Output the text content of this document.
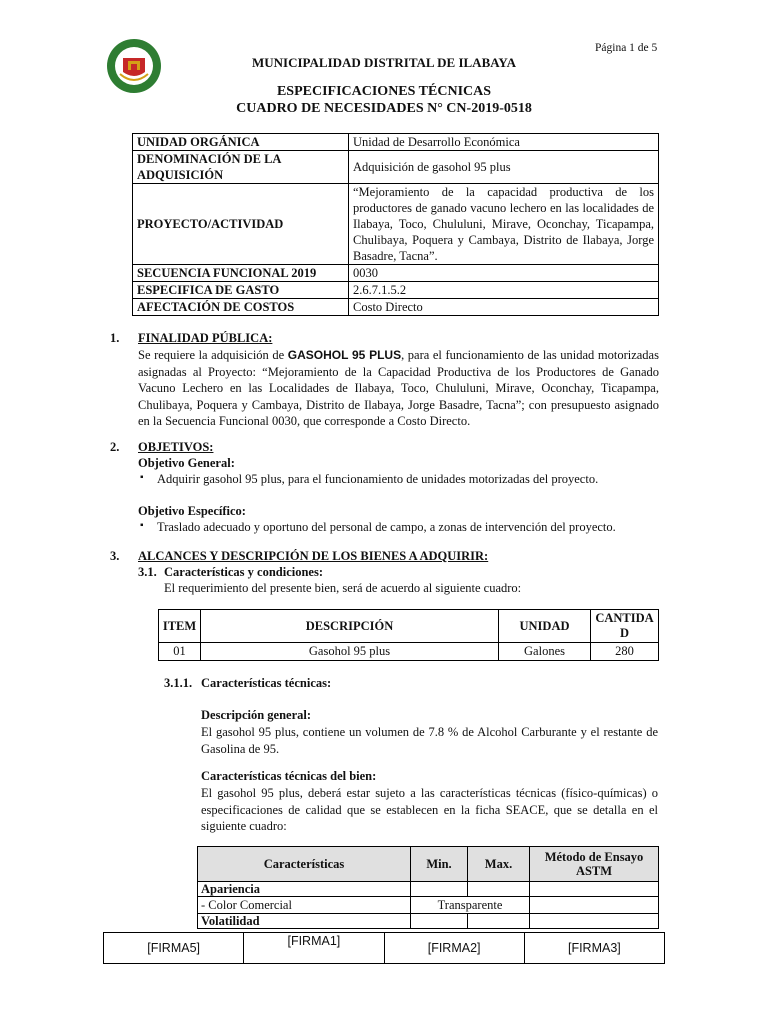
Página 1 de 5
MUNICIPALIDAD DISTRITAL DE ILABAYA
ESPECIFICACIONES TÉCNICAS
CUADRO DE NECESIDADES N° CN-2019-0518
UNIDAD ORGÁNICA	Unidad de Desarrollo Económica
DENOMINACIÓN DE LA ADQUISICIÓN	Adquisición de gasohol 95 plus
PROYECTO/ACTIVIDAD	“Mejoramiento de la capacidad productiva de los productores de ganado vacuno lechero en las localidades de Ilabaya, Toco, Chululuni, Mirave, Oconchay, Ticapampa, Chulibaya, Poquera y Cambaya, Distrito de Ilabaya, Jorge Basadre, Tacna”.
SECUENCIA FUNCIONAL 2019	0030
ESPECIFICA DE GASTO	2.6.7.1.5.2
AFECTACIÓN DE COSTOS	Costo Directo
1. FINALIDAD PÚBLICA:
Se requiere la adquisición de GASOHOL 95 PLUS, para el funcionamiento de las unidad motorizadas asignadas al Proyecto: “Mejoramiento de la Capacidad Productiva de los Productores de Ganado Vacuno Lechero en las Localidades de Ilabaya, Toco, Chululuni, Mirave, Oconchay, Ticapampa, Chulibaya, Poquera y Cambaya, Distrito de Ilabaya, Jorge Basadre, Tacna”; con presupuesto asignado en la Secuencia Funcional 0030, que corresponde a Costo Directo.
2. OBJETIVOS:
Objetivo General:
▪ Adquirir gasohol 95 plus, para el funcionamiento de unidades motorizadas del proyecto.
Objetivo Específico:
▪ Traslado adecuado y oportuno del personal de campo, a zonas de intervención del proyecto.
3. ALCANCES Y DESCRIPCIÓN DE LOS BIENES A ADQUIRIR:
3.1. Características y condiciones:
El requerimiento del presente bien, será de acuerdo al siguiente cuadro:
ITEM	DESCRIPCIÓN	UNIDAD	CANTIDAD
01	Gasohol 95 plus	Galones	280
3.1.1. Características técnicas:
Descripción general:
El gasohol 95 plus, contiene un volumen de 7.8 % de Alcohol Carburante y el restante de Gasolina de 95.
Características técnicas del bien:
El gasohol 95 plus, deberá estar sujeto a las características técnicas (físico-químicas) o especificaciones de calidad que se establecen en la ficha SEACE, que se detalla en el siguiente cuadro:
Características	Min.	Max.	Método de Ensayo ASTM
Apariencia			
- Color Comercial	Transparente		
Volatilidad			
[FIRMA5]	[FIRMA1]	[FIRMA2]	[FIRMA3]
